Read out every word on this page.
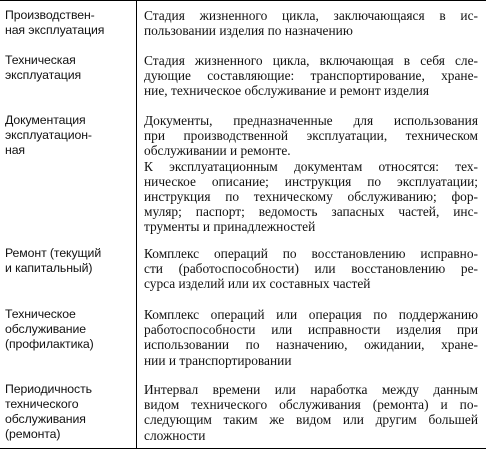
Производствен-
ная эксплуатация
Стадия жизненного цикла, заключающаяся в ис-
пользовании изделия по назначению
Техническая
эксплуатация
Стадия жизненного цикла, включающая в себя сле-
дующие составляющие: транспортирование, хране-
ние, техническое обслуживание и ремонт изделия
Документация
эксплуатацион-
ная
Документы, предназначенные для использования
при производственной эксплуатации, техническом
обслуживании и ремонте.
К эксплуатационным документам относятся: тех-
ническое описание; инструкция по эксплуатации;
инструкция по техническому обслуживанию; фор-
муляр; паспорт; ведомость запасных частей, инс-
трументы и принадлежностей
Ремонт (текущий
и капитальный)
Комплекс операций по восстановлению исправно-
сти (работоспособности) или восстановлению ре-
сурса изделий или их составных частей
Техническое
обслуживание
(профилактика)
Комплекс операций или операция по поддержанию
работоспособности или исправности изделия при
использовании по назначению, ожидании, хране-
нии и транспортировании
Периодичность
технического
обслуживания
(ремонта)
Интервал времени или наработка между данным
видом технического обслуживания (ремонта) и по-
следующим таким же видом или другим большей
сложности
